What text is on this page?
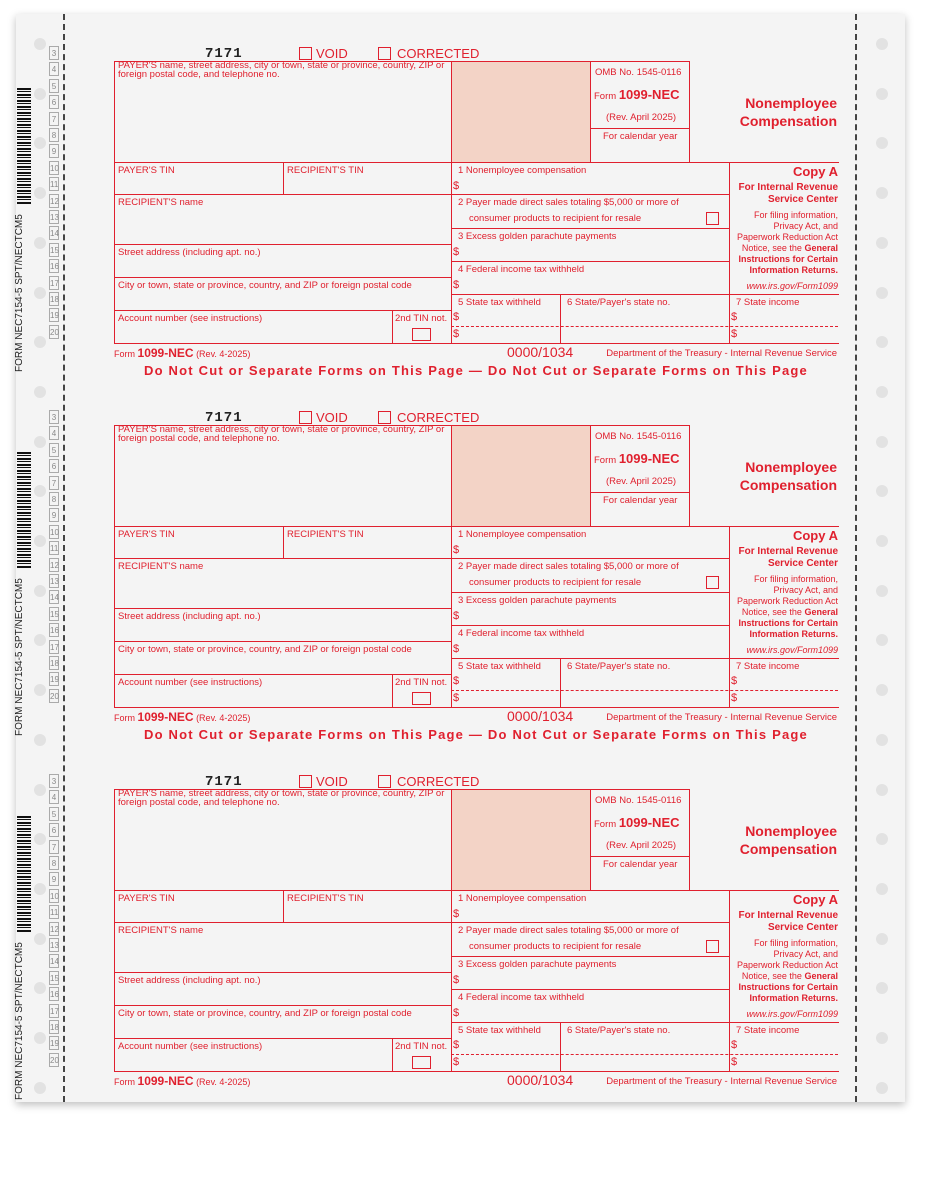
FORM NEC7154-5 SPT/NECTCM5
3
4
5
6
7
8
9
10
11
12
13
14
15
16
17
18
19
20
7171	VOID	CORRECTED
PAYER'S name, street address, city or town, state or province, country, ZIP or foreign postal code, and telephone no.	OMB No. 1545-0116
Form 1099-NEC
(Rev. April 2025)
For calendar year
Nonemployee Compensation
PAYER'S TIN	RECIPIENT'S TIN
RECIPIENT'S name
Street address (including apt. no.)
City or town, state or province, country, and ZIP or foreign postal code
Account number (see instructions)	2nd TIN not.
1 Nonemployee compensation
$
2 Payer made direct sales totaling $5,000 or more of
consumer products to recipient for resale
3 Excess golden parachute payments
$
4 Federal income tax withheld
$
5 State tax withheld
$
$
6 State/Payer's state no.	7 State income
$
$
Copy A
For Internal Revenue Service Center
For filing information, Privacy Act, and Paperwork Reduction Act Notice, see the General Instructions for Certain Information Returns.
www.irs.gov/Form1099
Form 1099-NEC (Rev. 4-2025)	0000/1034	Department of the Treasury - Internal Revenue Service
Do Not Cut or Separate Forms on This Page — Do Not Cut or Separate Forms on This Page
FORM NEC7154-5 SPT/NECTCM5
3
4
5
6
7
8
9
10
11
12
13
14
15
16
17
18
19
20
7171	VOID	CORRECTED
PAYER'S name, street address, city or town, state or province, country, ZIP or foreign postal code, and telephone no.	OMB No. 1545-0116
Form 1099-NEC
(Rev. April 2025)
For calendar year
Nonemployee Compensation
PAYER'S TIN	RECIPIENT'S TIN
RECIPIENT'S name
Street address (including apt. no.)
City or town, state or province, country, and ZIP or foreign postal code
Account number (see instructions)	2nd TIN not.
1 Nonemployee compensation
$
2 Payer made direct sales totaling $5,000 or more of
consumer products to recipient for resale
3 Excess golden parachute payments
$
4 Federal income tax withheld
$
5 State tax withheld
$
$
6 State/Payer's state no.	7 State income
$
$
Copy A
For Internal Revenue Service Center
For filing information, Privacy Act, and Paperwork Reduction Act Notice, see the General Instructions for Certain Information Returns.
www.irs.gov/Form1099
Form 1099-NEC (Rev. 4-2025)	0000/1034	Department of the Treasury - Internal Revenue Service
Do Not Cut or Separate Forms on This Page — Do Not Cut or Separate Forms on This Page
FORM NEC7154-5 SPT/NECTCM5
3
4
5
6
7
8
9
10
11
12
13
14
15
16
17
18
19
20
7171	VOID	CORRECTED
PAYER'S name, street address, city or town, state or province, country, ZIP or foreign postal code, and telephone no.	OMB No. 1545-0116
Form 1099-NEC
(Rev. April 2025)
For calendar year
Nonemployee Compensation
PAYER'S TIN	RECIPIENT'S TIN
RECIPIENT'S name
Street address (including apt. no.)
City or town, state or province, country, and ZIP or foreign postal code
Account number (see instructions)	2nd TIN not.
1 Nonemployee compensation
$
2 Payer made direct sales totaling $5,000 or more of
consumer products to recipient for resale
3 Excess golden parachute payments
$
4 Federal income tax withheld
$
5 State tax withheld
$
$
6 State/Payer's state no.	7 State income
$
$
Copy A
For Internal Revenue Service Center
For filing information, Privacy Act, and Paperwork Reduction Act Notice, see the General Instructions for Certain Information Returns.
www.irs.gov/Form1099
Form 1099-NEC (Rev. 4-2025)	0000/1034	Department of the Treasury - Internal Revenue Service
